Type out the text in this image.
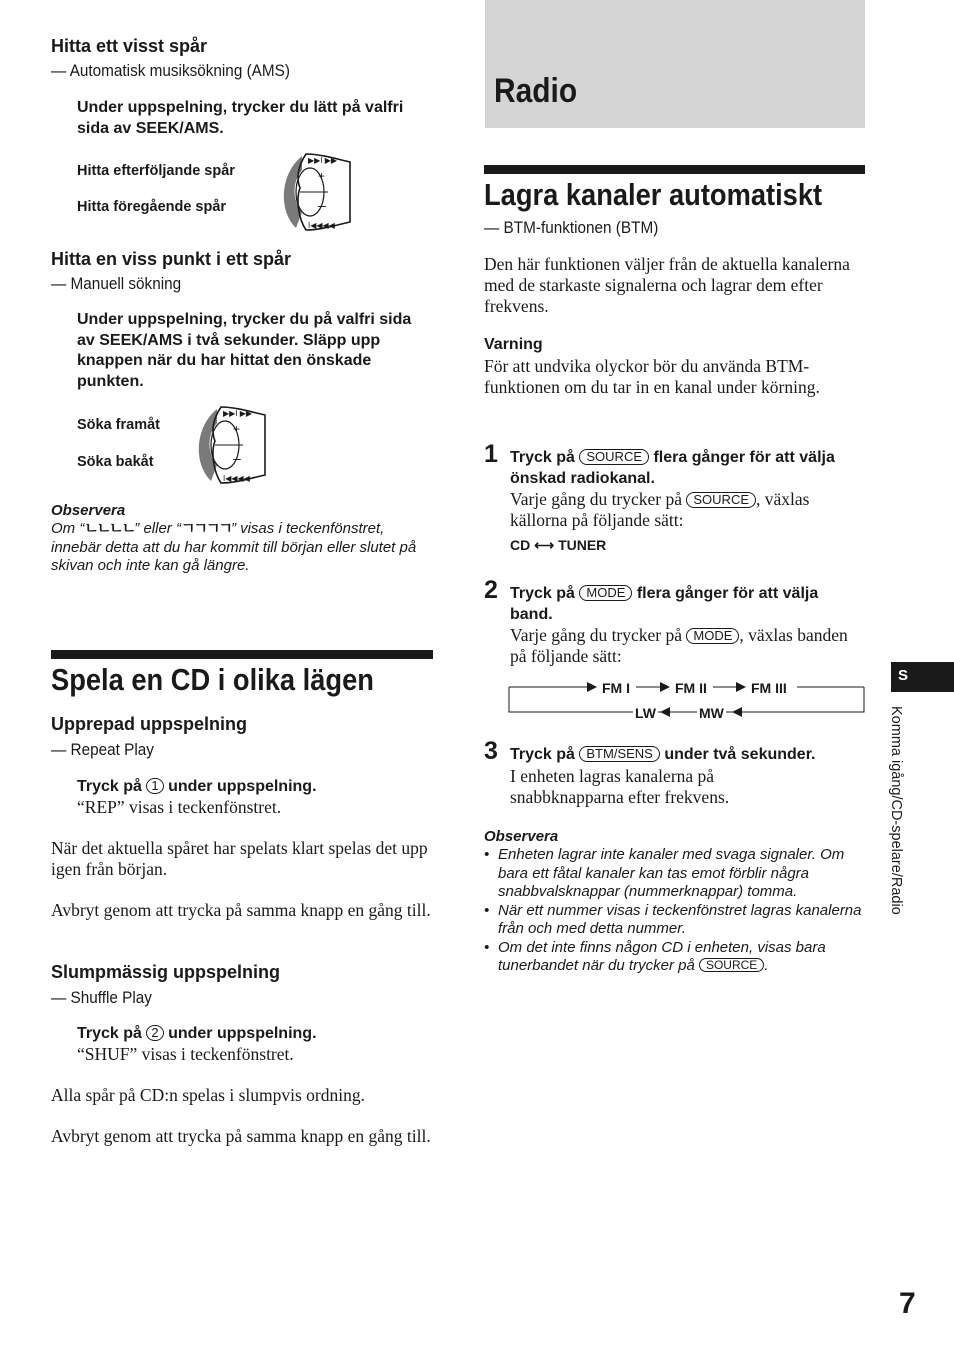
Hitta ett visst spår
— Automatisk musiksökning (AMS)
Under uppspelning, trycker du lätt på valfri sida av SEEK/AMS.
Hitta efterföljande spår
Hitta föregående spår
+
–
▶▶I ▶▶
I◀◀◀◀
Hitta en viss punkt i ett spår
— Manuell sökning
Under uppspelning, trycker du på valfri sida av SEEK/AMS i två sekunder. Släpp upp knappen när du har hittat den önskade punkten.
Söka framåt
Söka bakåt
+
–
▶▶I ▶▶
I◀◀◀◀
Observera
Om “ㄴㄴㄴㄴ” eller “ㄱㄱㄱㄱ” visas i teckenfönstret, innebär detta att du har kommit till början eller slutet på skivan och inte kan gå längre.
Spela en CD i olika lägen
Upprepad uppspelning
— Repeat Play
Tryck på 1 under uppspelning.
“REP” visas i teckenfönstret.
När det aktuella spåret har spelats klart spelas det upp igen från början.
Avbryt genom att trycka på samma knapp en gång till.
Slumpmässig uppspelning
— Shuffle Play
Tryck på 2 under uppspelning.
“SHUF” visas i teckenfönstret.
Alla spår på CD:n spelas i slumpvis ordning.
Avbryt genom att trycka på samma knapp en gång till.
Radio
Lagra kanaler automatiskt
— BTM-funktionen (BTM)
Den här funktionen väljer från de aktuella kanalerna med de starkaste signalerna och lagrar dem efter frekvens.
Varning
För att undvika olyckor bör du använda BTM-funktionen om du tar in en kanal under körning.
1 Tryck på SOURCE flera gånger för att välja önskad radiokanal.
Varje gång du trycker på SOURCE , växlas källorna på följande sätt:
CD ⟷ TUNER
2 Tryck på MODE flera gånger för att välja band.
Varje gång du trycker på MODE , växlas banden på följande sätt:
FM I	FM II	FM III
LW	MW
3 Tryck på BTM/SENS under två sekunder.
I enheten lagras kanalerna på snabbknapparna efter frekvens.
Observera
• Enheten lagrar inte kanaler med svaga signaler. Om bara ett fåtal kanaler kan tas emot förblir några snabbvalsknappar (nummerknappar) tomma.
• När ett nummer visas i teckenfönstret lagras kanalerna från och med detta nummer.
• Om det inte finns någon CD i enheten, visas bara tunerbandet när du trycker på SOURCE .
S
Komma igång/CD-spelare/Radio
7
